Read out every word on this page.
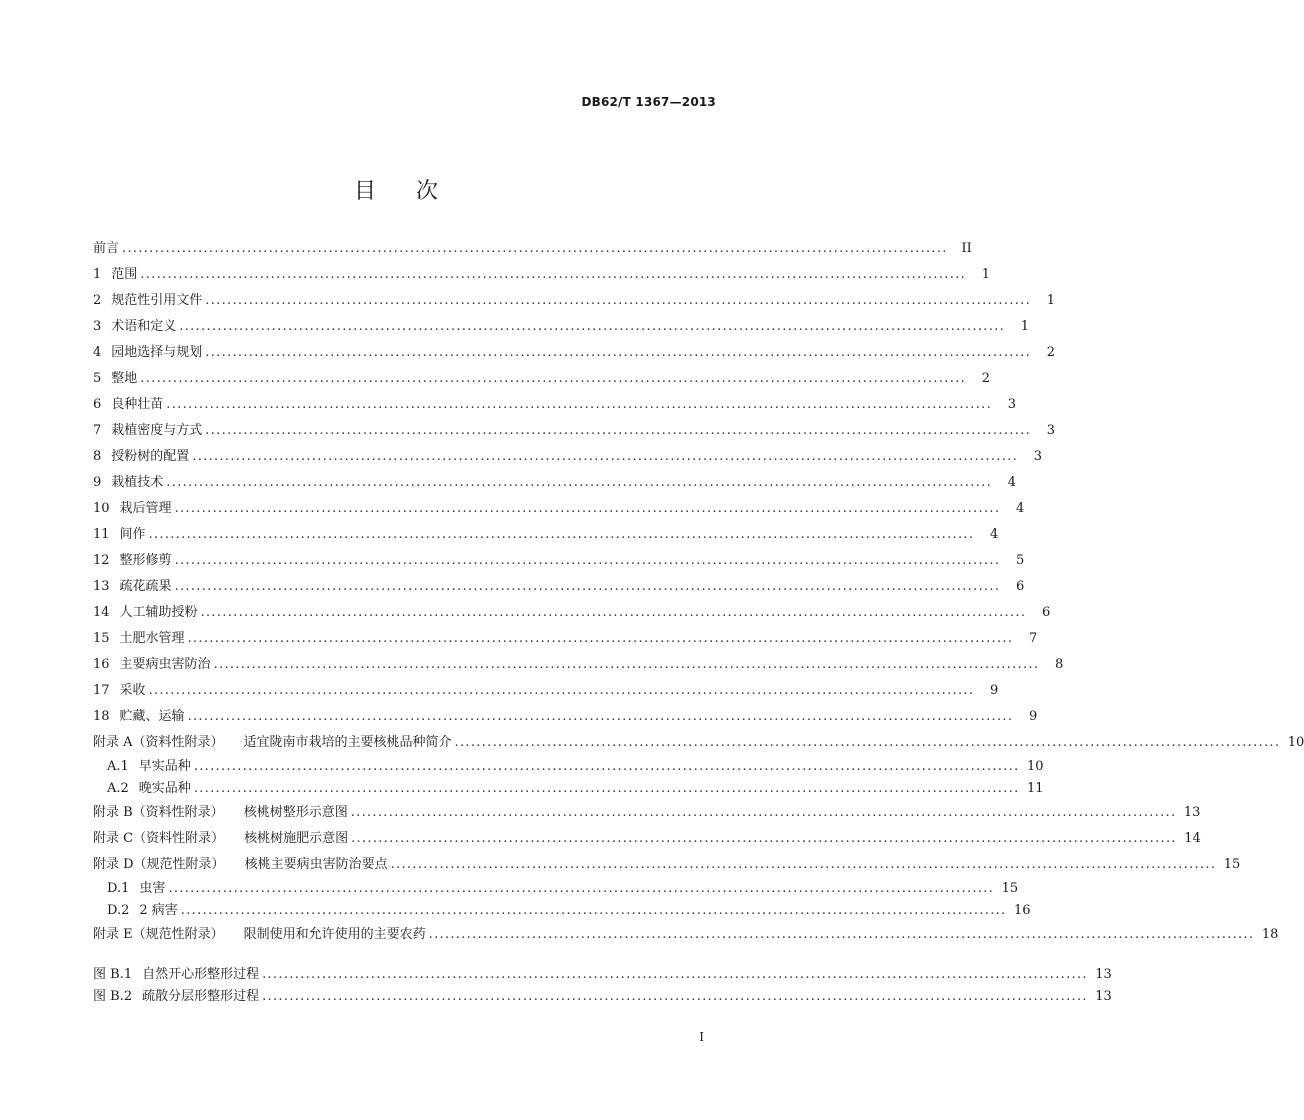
DB62/T 1367—2013
目次
前言 ........................................................................................................................................................	II
1 范围 ........................................................................................................................................................	1
2 规范性引用文件 ........................................................................................................................................................	1
3 术语和定义 ........................................................................................................................................................	1
4 园地选择与规划 ........................................................................................................................................................	2
5 整地 ........................................................................................................................................................	2
6 良种壮苗 ........................................................................................................................................................	3
7 栽植密度与方式 ........................................................................................................................................................	3
8 授粉树的配置 ........................................................................................................................................................	3
9 栽植技术 ........................................................................................................................................................	4
10 栽后管理 ........................................................................................................................................................	4
11 间作 ........................................................................................................................................................	4
12 整形修剪 ........................................................................................................................................................	5
13 疏花疏果 ........................................................................................................................................................	6
14 人工辅助授粉 ........................................................................................................................................................	6
15 土肥水管理 ........................................................................................................................................................	7
16 主要病虫害防治 ........................................................................................................................................................	8
17 采收 ........................................................................................................................................................	9
18 贮藏、运输 ........................................................................................................................................................	9
附录 A（资料性附录） 适宜陇南市栽培的主要核桃品种简介 ........................................................................................................................................................ 10
A.1 早实品种 ........................................................................................................................................................ 10
A.2 晚实品种 ........................................................................................................................................................ 11
附录 B（资料性附录） 核桃树整形示意图 ........................................................................................................................................................ 13
附录 C（资料性附录） 核桃树施肥示意图 ........................................................................................................................................................ 14
附录 D（规范性附录） 核桃主要病虫害防治要点 ........................................................................................................................................................ 15
D.1 虫害 ........................................................................................................................................................ 15
D.2 2 病害 ........................................................................................................................................................ 16
附录 E（规范性附录） 限制使用和允许使用的主要农药 ........................................................................................................................................................ 18
图 B.1 自然开心形整形过程 ........................................................................................................................................................ 13
图 B.2 疏散分层形整形过程 ........................................................................................................................................................ 13
I
